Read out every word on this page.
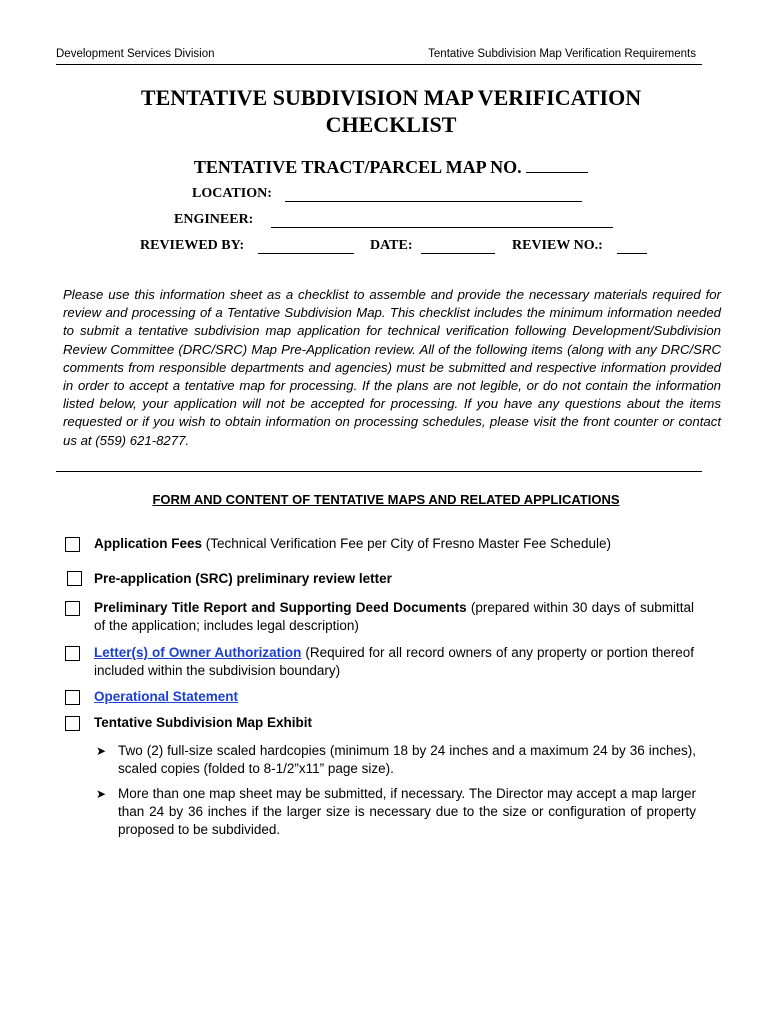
Development Services Division	Tentative Subdivision Map Verification Requirements
TENTATIVE SUBDIVISION MAP VERIFICATION
CHECKLIST
TENTATIVE TRACT/PARCEL MAP NO.
LOCATION:
ENGINEER:
REVIEWED BY:	DATE:	REVIEW NO.:
Please use this information sheet as a checklist to assemble and provide the necessary materials required for review and processing of a Tentative Subdivision Map. This checklist includes the minimum information needed to submit a tentative subdivision map application for technical verification following Development/Subdivision Review Committee (DRC/SRC) Map Pre-Application review. All of the following items (along with any DRC/SRC comments from responsible departments and agencies) must be submitted and respective information provided in order to accept a tentative map for processing. If the plans are not legible, or do not contain the information listed below, your application will not be accepted for processing. If you have any questions about the items requested or if you wish to obtain information on processing schedules, please visit the front counter or contact us at (559) 621-8277.
FORM AND CONTENT OF TENTATIVE MAPS AND RELATED APPLICATIONS
Application Fees (Technical Verification Fee per City of Fresno Master Fee Schedule)
Pre-application (SRC) preliminary review letter
Preliminary Title Report and Supporting Deed Documents (prepared within 30 days of submittal of the application; includes legal description)
Letter(s) of Owner Authorization (Required for all record owners of any property or portion thereof included within the subdivision boundary)
Operational Statement
Tentative Subdivision Map Exhibit
➤ Two (2) full-size scaled hardcopies (minimum 18 by 24 inches and a maximum 24 by 36 inches), scaled copies (folded to 8-1/2”x11” page size).
➤ More than one map sheet may be submitted, if necessary. The Director may accept a map larger than 24 by 36 inches if the larger size is necessary due to the size or configuration of property proposed to be subdivided.
